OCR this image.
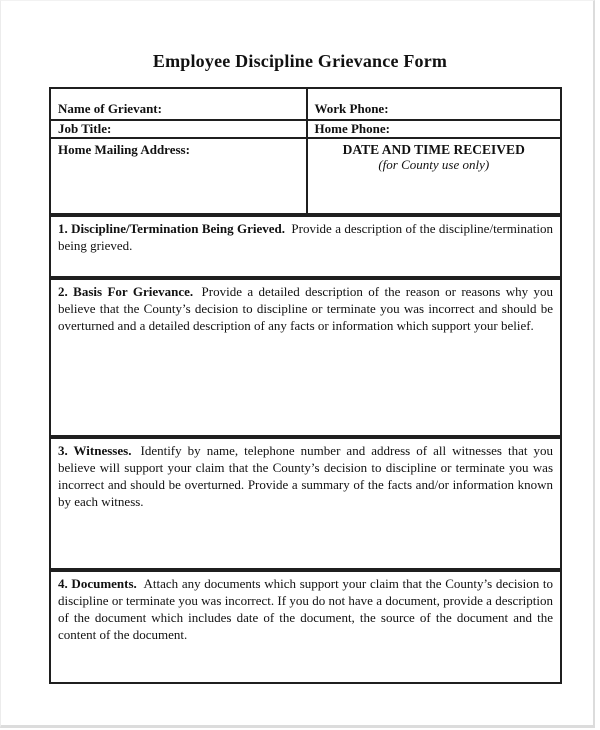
Employee Discipline Grievance Form
Name of Grievant:	Work Phone:
Job Title:	Home Phone:
Home Mailing Address:	DATE AND TIME RECEIVED
(for County use only)

1. Discipline/Termination Being Grieved. Provide a description of the discipline/termination being grieved.

2. Basis For Grievance. Provide a detailed description of the reason or reasons why you believe that the County’s decision to discipline or terminate you was incorrect and should be overturned and a detailed description of any facts or information which support your belief.

3. Witnesses. Identify by name, telephone number and address of all witnesses that you believe will support your claim that the County’s decision to discipline or terminate you was incorrect and should be overturned. Provide a summary of the facts and/or information known by each witness.

4. Documents. Attach any documents which support your claim that the County’s decision to discipline or terminate you was incorrect. If you do not have a document, provide a description of the document which includes date of the document, the source of the document and the content of the document.
